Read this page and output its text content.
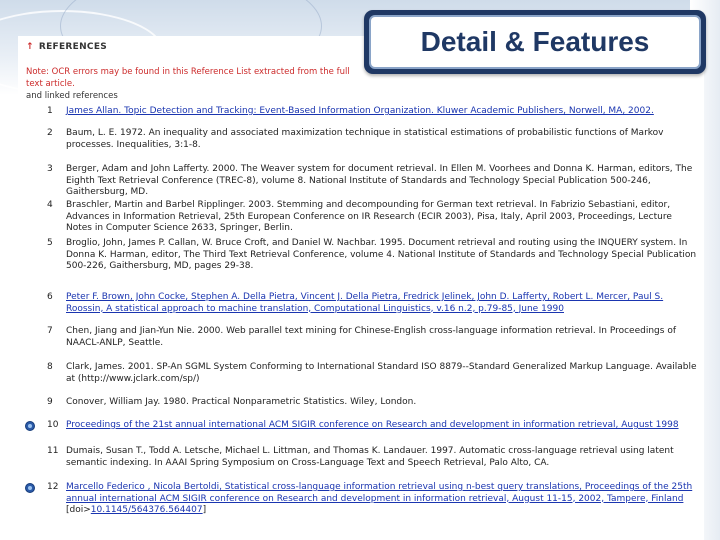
↑ REFERENCES
Note: OCR errors may be found in this Reference List extracted from the full text article.
and linked references
Detail & Features
1	James Allan. Topic Detection and Tracking: Event-Based Information Organization. Kluwer Academic Publishers, Norwell, MA, 2002.
2	Baum, L. E. 1972. An inequality and associated maximization technique in statistical estimations of probabilistic functions of Markov processes. Inequalities, 3:1-8.
3	Berger, Adam and John Lafferty. 2000. The Weaver system for document retrieval. In Ellen M. Voorhees and Donna K. Harman, editors, The Eighth Text Retrieval Conference (TREC-8), volume 8. National Institute of Standards and Technology Special Publication 500-246, Gaithersburg, MD.
4	Braschler, Martin and Barbel Ripplinger. 2003. Stemming and decompounding for German text retrieval. In Fabrizio Sebastiani, editor, Advances in Information Retrieval, 25th European Conference on IR Research (ECIR 2003), Pisa, Italy, April 2003, Proceedings, Lecture Notes in Computer Science 2633, Springer, Berlin.
5	Broglio, John, James P. Callan, W. Bruce Croft, and Daniel W. Nachbar. 1995. Document retrieval and routing using the INQUERY system. In Donna K. Harman, editor, The Third Text Retrieval Conference, volume 4. National Institute of Standards and Technology Special Publication 500-226, Gaithersburg, MD, pages 29-38.
6	Peter F. Brown, John Cocke, Stephen A. Della Pietra, Vincent J. Della Pietra, Fredrick Jelinek, John D. Lafferty, Robert L. Mercer, Paul S. Roossin, A statistical approach to machine translation, Computational Linguistics, v.16 n.2, p.79-85, June 1990
7	Chen, Jiang and Jian-Yun Nie. 2000. Web parallel text mining for Chinese-English cross-language information retrieval. In Proceedings of NAACL-ANLP, Seattle.
8	Clark, James. 2001. SP-An SGML System Conforming to International Standard ISO 8879--Standard Generalized Markup Language. Available at (http://www.jclark.com/sp/)
9	Conover, William Jay. 1980. Practical Nonparametric Statistics. Wiley, London.
10 Proceedings of the 21st annual international ACM SIGIR conference on Research and development in information retrieval, August 1998
11 Dumais, Susan T., Todd A. Letsche, Michael L. Littman, and Thomas K. Landauer. 1997. Automatic cross-language retrieval using latent semantic indexing. In AAAI Spring Symposium on Cross-Language Text and Speech Retrieval, Palo Alto, CA.
12 Marcello Federico , Nicola Bertoldi, Statistical cross-language information retrieval using n-best query translations, Proceedings of the 25th annual international ACM SIGIR conference on Research and development in information retrieval, August 11-15, 2002, Tampere, Finland
[doi>10.1145/564376.564407]
